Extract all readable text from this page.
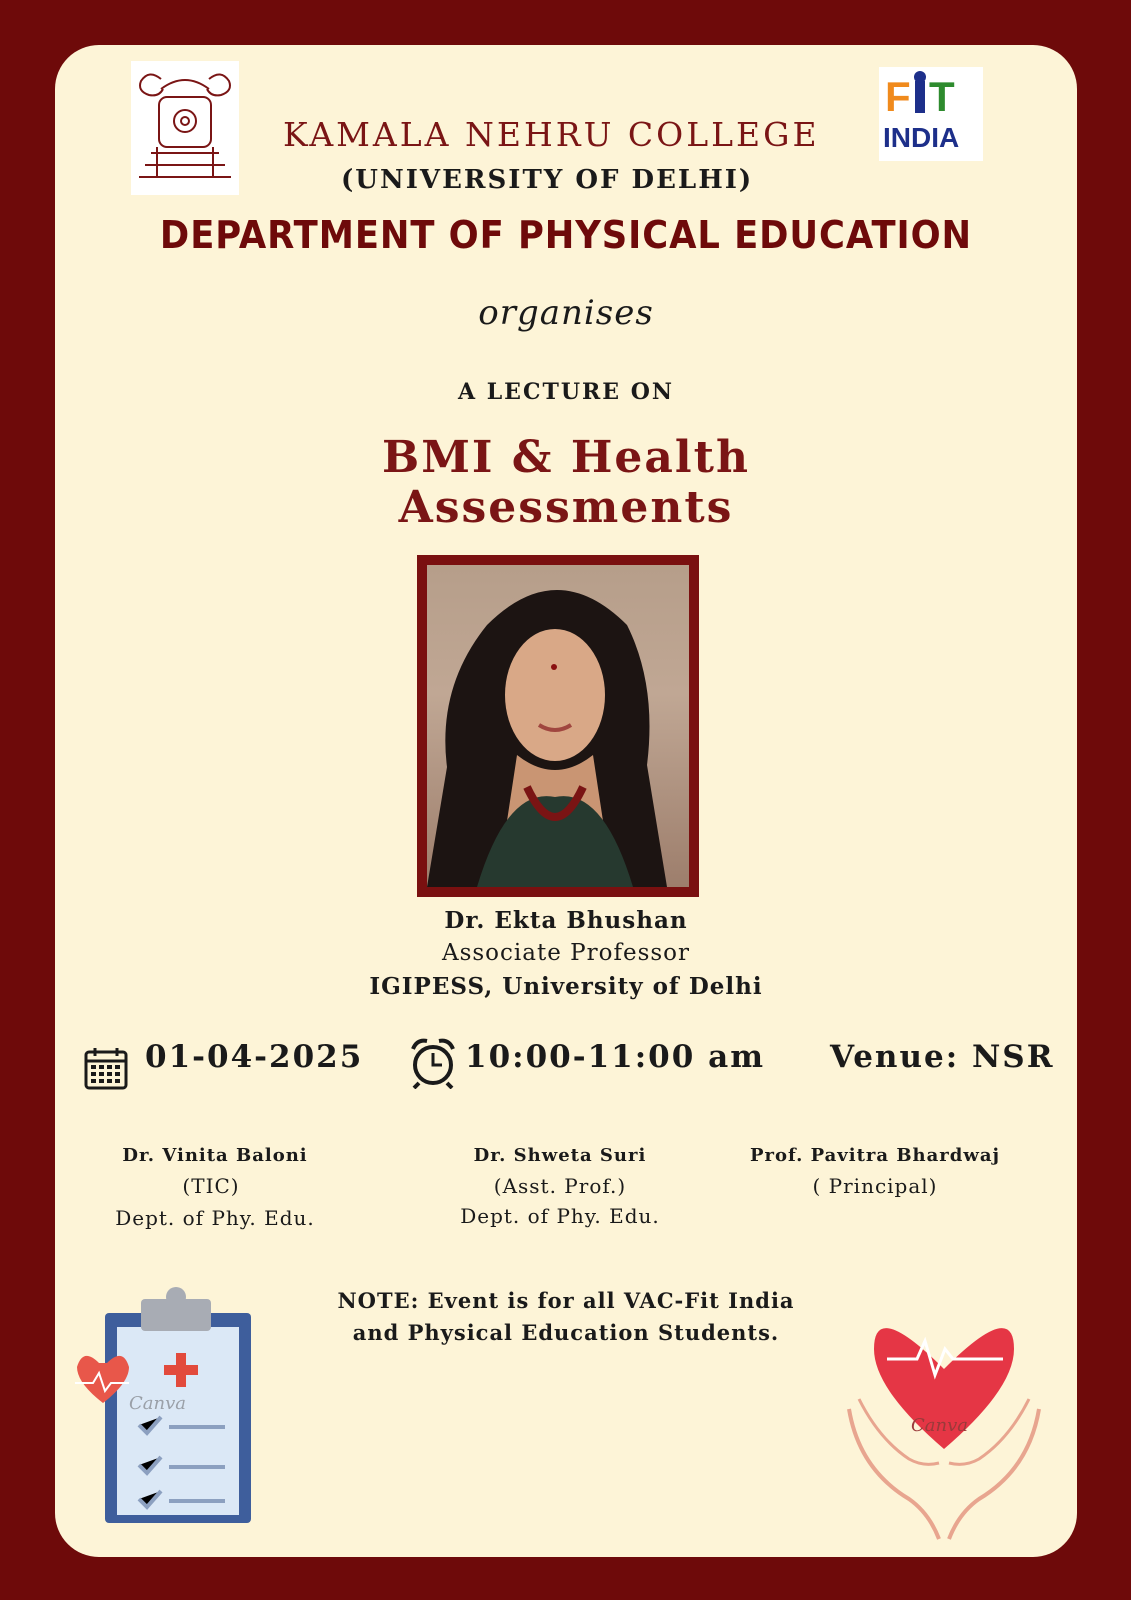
F T
INDIA
KAMALA NEHRU COLLEGE
(UNIVERSITY OF DELHI)
DEPARTMENT OF PHYSICAL EDUCATION
organises
A LECTURE ON
BMI & Health
Assessments
Dr. Ekta Bhushan
Associate Professor
IGIPESS, University of Delhi
01-04-2025	10:00-11:00 am Venue: NSR
Dr. Vinita Baloni
(TIC)
Dept. of Phy. Edu.
Dr. Shweta Suri
(Asst. Prof.)
Dept. of Phy. Edu.
Prof. Pavitra Bhardwaj
( Principal)
NOTE: Event is for all VAC-Fit India
and Physical Education Students.
Canva
Canva
